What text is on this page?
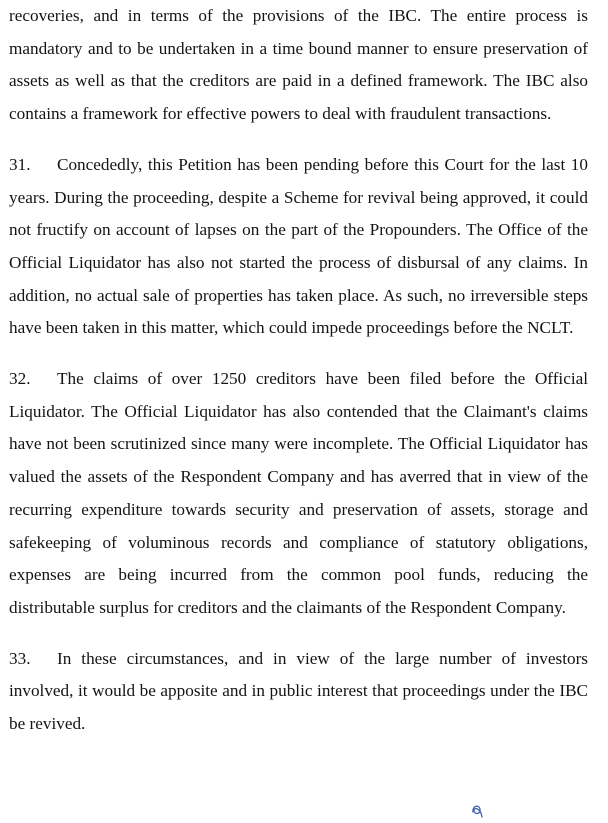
recoveries, and in terms of the provisions of the IBC. The entire process is mandatory and to be undertaken in a time bound manner to ensure preservation of assets as well as that the creditors are paid in a defined framework. The IBC also contains a framework for effective powers to deal with fraudulent transactions.

31. Concededly, this Petition has been pending before this Court for the last 10 years. During the proceeding, despite a Scheme for revival being approved, it could not fructify on account of lapses on the part of the Propounders. The Office of the Official Liquidator has also not started the process of disbursal of any claims. In addition, no actual sale of properties has taken place. As such, no irreversible steps have been taken in this matter, which could impede proceedings before the NCLT.

32. The claims of over 1250 creditors have been filed before the Official Liquidator. The Official Liquidator has also contended that the Claimant's claims have not been scrutinized since many were incomplete. The Official Liquidator has valued the assets of the Respondent Company and has averred that in view of the recurring expenditure towards security and preservation of assets, storage and safekeeping of voluminous records and compliance of statutory obligations, expenses are being incurred from the common pool funds, reducing the distributable surplus for creditors and the claimants of the Respondent Company.

33. In these circumstances, and in view of the large number of investors involved, it would be apposite and in public interest that proceedings under the IBC be revived.
